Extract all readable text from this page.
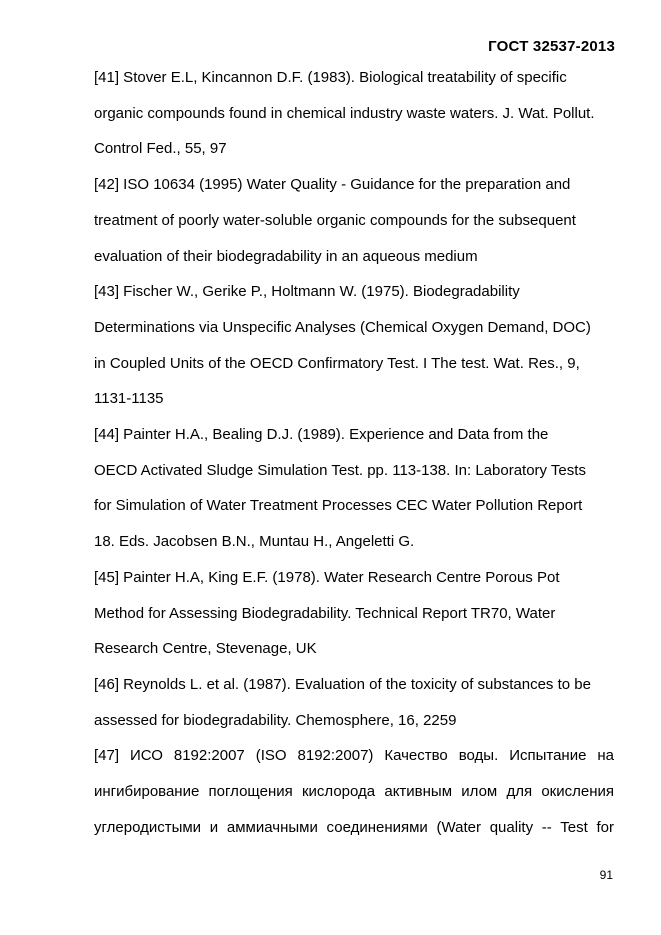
ГОСТ 32537-2013
[41] Stover E.L, Kincannon D.F. (1983). Biological treatability of specific
organic compounds found in chemical industry waste waters. J. Wat. Pollut.
Control Fed., 55, 97
[42] ISO 10634 (1995) Water Quality - Guidance for the preparation and
treatment of poorly water-soluble organic compounds for the subsequent
evaluation of their biodegradability in an aqueous medium
[43] Fischer W., Gerike P., Holtmann W. (1975). Biodegradability
Determinations via Unspecific Analyses (Chemical Oxygen Demand, DOC)
in Coupled Units of the OECD Confirmatory Test. I The test. Wat. Res., 9,
1131-1135
[44] Painter H.A., Bealing D.J. (1989). Experience and Data from the
OECD Activated Sludge Simulation Test. pp. 113-138. In: Laboratory Tests
for Simulation of Water Treatment Processes CEC Water Pollution Report
18. Eds. Jacobsen B.N., Muntau H., Angeletti G.
[45] Painter H.A, King E.F. (1978). Water Research Centre Porous Pot
Method for Assessing Biodegradability. Technical Report TR70, Water
Research Centre, Stevenage, UK
[46] Reynolds L. et al. (1987). Evaluation of the toxicity of substances to be
assessed for biodegradability. Chemosphere, 16, 2259
[47] ИСО 8192:2007 (ISO 8192:2007) Качество воды. Испытание на
ингибирование поглощения кислорода активным илом для окисления
углеродистыми и аммиачными соединениями (Water quality -- Test for
91
